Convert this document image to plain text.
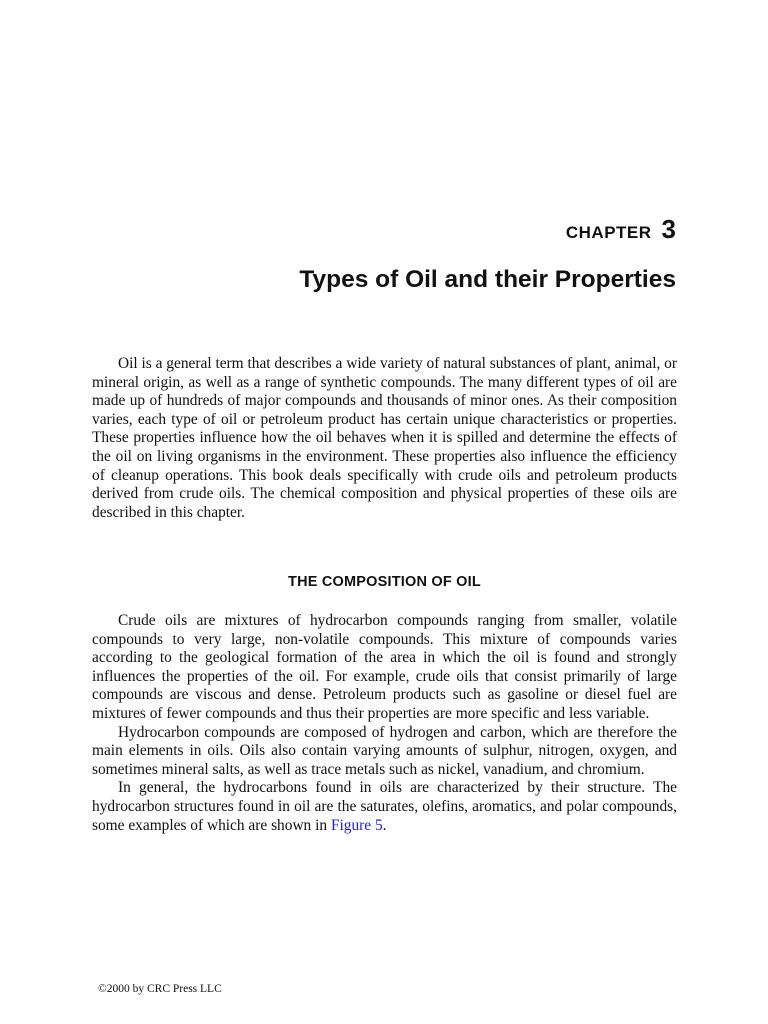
CHAPTER 3
Types of Oil and their Properties

Oil is a general term that describes a wide variety of natural substances of plant, animal, or mineral origin, as well as a range of synthetic compounds. The many different types of oil are made up of hundreds of major compounds and thousands of minor ones. As their composition varies, each type of oil or petroleum product has certain unique characteristics or properties. These properties influence how the oil behaves when it is spilled and determine the effects of the oil on living organisms in the environment. These properties also influence the efficiency of cleanup operations. This book deals specifically with crude oils and petroleum products derived from crude oils. The chemical composition and physical properties of these oils are described in this chapter.

THE COMPOSITION OF OIL

Crude oils are mixtures of hydrocarbon compounds ranging from smaller, volatile compounds to very large, non-volatile compounds. This mixture of compounds varies according to the geological formation of the area in which the oil is found and strongly influences the properties of the oil. For example, crude oils that consist primarily of large compounds are viscous and dense. Petroleum products such as gasoline or diesel fuel are mixtures of fewer compounds and thus their properties are more specific and less variable.

Hydrocarbon compounds are composed of hydrogen and carbon, which are therefore the main elements in oils. Oils also contain varying amounts of sulphur, nitrogen, oxygen, and sometimes mineral salts, as well as trace metals such as nickel, vanadium, and chromium.

In general, the hydrocarbons found in oils are characterized by their structure. The hydrocarbon structures found in oil are the saturates, olefins, aromatics, and polar compounds, some examples of which are shown in Figure 5.

©2000 by CRC Press LLC
